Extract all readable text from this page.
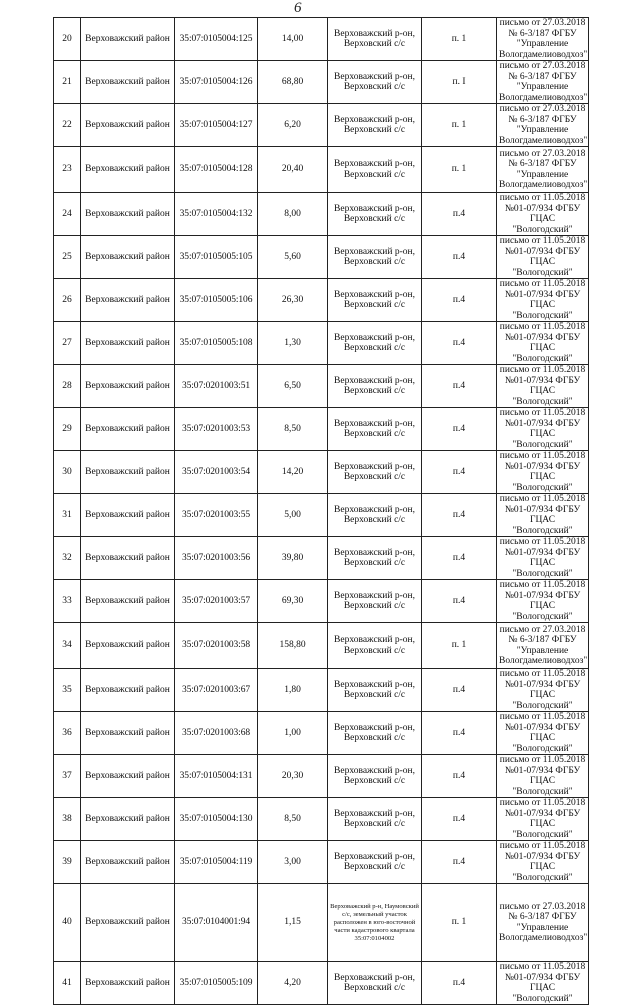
6
20	Верховажский район	35:07:0105004:125	14,00	Верховажский р-он, Верховский с/с	п. 1	письмо от 27.03.2018 № 6-3/187 ФГБУ "Управление Вологдамелиоводхоз"
21	Верховажский район	35:07:0105004:126	68,80	Верховажский р-он, Верховский с/с	п. I	письмо от 27.03.2018 № 6-3/187 ФГБУ "Управление Вологдамелиоводхоз"
22	Верховажский район	35:07:0105004:127	6,20	Верховажский р-он, Верховский с/с	п. 1	письмо от 27.03.2018 № 6-3/187 ФГБУ "Управление Вологдамелиоводхоз"
23	Верховажский район	35:07:0105004:128	20,40	Верховажский р-он, Верховский с/с	п. 1	письмо от 27.03.2018 № 6-3/187 ФГБУ "Управление Вологдамелиоводхоз"
24	Верховажский район	35:07:0105004:132	8,00	Верховажский р-он, Верховский с/с	п.4	письмо от 11.05.2018 №01-07/934 ФГБУ ГЦАС "Вологодский"
25	Верховажский район	35:07:0105005:105	5,60	Верховажский р-он, Верховский с/с	п.4	письмо от 11.05.2018 №01-07/934 ФГБУ ГЦАС "Вологодский"
26	Верховажский район	35:07:0105005:106	26,30	Верховажский р-он, Верховский с/с	п.4	письмо от 11.05.2018 №01-07/934 ФГБУ ГЦАС "Вологодский"
27	Верховажский район	35:07:0105005:108	1,30	Верховажский р-он, Верховский с/с	п.4	письмо от 11.05.2018 №01-07/934 ФГБУ ГЦАС "Вологодский"
28	Верховажский район	35:07:0201003:51	6,50	Верховажский р-он, Верховский с/с	п.4	письмо от 11.05.2018 №01-07/934 ФГБУ ГЦАС "Вологодский"
29	Верховажский район	35:07:0201003:53	8,50	Верховажский р-он, Верховский с/с	п.4	письмо от 11.05.2018 №01-07/934 ФГБУ ГЦАС "Вологодский"
30	Верховажский район	35:07:0201003:54	14,20	Верховажский р-он, Верховский с/с	п.4	письмо от 11.05.2018 №01-07/934 ФГБУ ГЦАС "Вологодский"
31	Верховажский район	35:07:0201003:55	5,00	Верховажский р-он, Верховский с/с	п.4	письмо от 11.05.2018 №01-07/934 ФГБУ ГЦАС "Вологодский"
32	Верховажский район	35:07:0201003:56	39,80	Верховажский р-он, Верховский с/с	п.4	письмо от 11.05.2018 №01-07/934 ФГБУ ГЦАС "Вологодский"
33	Верховажский район	35:07:0201003:57	69,30	Верховажский р-он, Верховский с/с	п.4	письмо от 11.05.2018 №01-07/934 ФГБУ ГЦАС "Вологодский"
34	Верховажский район	35:07:0201003:58	158,80	Верховажский р-он, Верховский с/с	п. 1	письмо от 27.03.2018 № 6-3/187 ФГБУ "Управление Вологдамелиоводхоз"
35	Верховажский район	35:07:0201003:67	1,80	Верховажский р-он, Верховский с/с	п.4	письмо от 11.05.2018 №01-07/934 ФГБУ ГЦАС "Вологодский"
36	Верховажский район	35:07:0201003:68	1,00	Верховажский р-он, Верховский с/с	п.4	письмо от 11.05.2018 №01-07/934 ФГБУ ГЦАС "Вологодский"
37	Верховажский район	35:07:0105004:131	20,30	Верховажский р-он, Верховский с/с	п.4	письмо от 11.05.2018 №01-07/934 ФГБУ ГЦАС "Вологодский"
38	Верховажский район	35:07:0105004:130	8,50	Верховажский р-он, Верховский с/с	п.4	письмо от 11.05.2018 №01-07/934 ФГБУ ГЦАС "Вологодский"
39	Верховажский район	35:07:0105004:119	3,00	Верховажский р-он, Верховский с/с	п.4	письмо от 11.05.2018 №01-07/934 ФГБУ ГЦАС "Вологодский"
40	Верховажский район	35:07:0104001:94	1,15	Верховажский р-н, Наумовский с/с, земельный участок расположен в юго-восточной части кадастрового квартала 35:07:0104002	п. 1	письмо от 27.03.2018 № 6-3/187 ФГБУ "Управление Вологдамелиоводхоз"
41	Верховажский район	35:07:0105005:109	4,20	Верховажский р-он, Верховский с/с	п.4	письмо от 11.05.2018 №01-07/934 ФГБУ ГЦАС "Вологодский"
